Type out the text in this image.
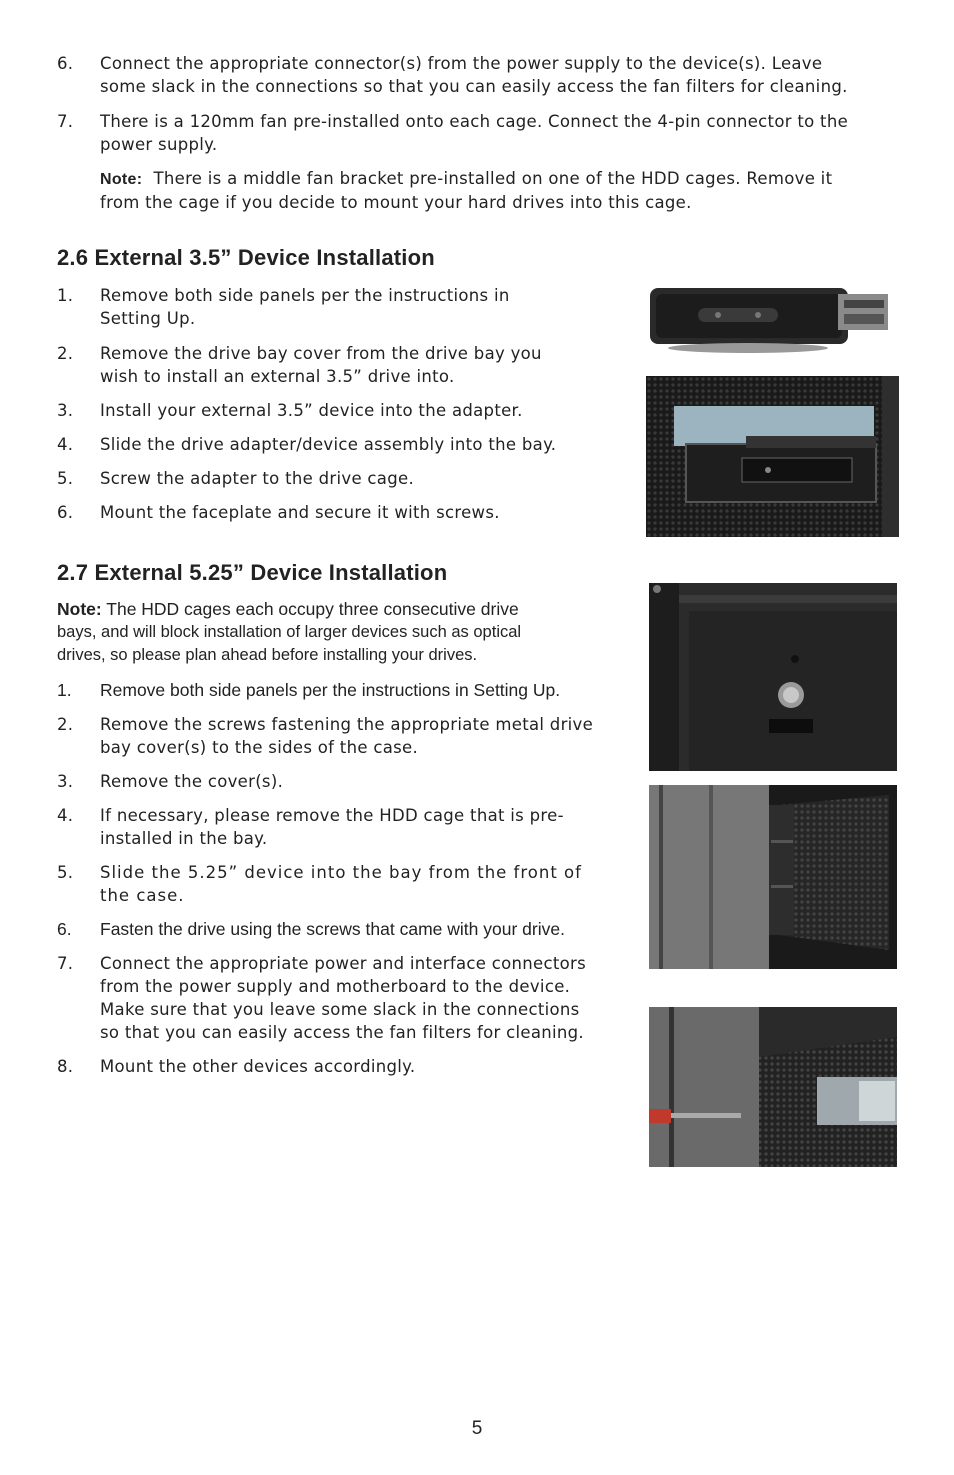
6.	Connect the appropriate connector(s) from the power supply to the device(s). Leave
some slack in the connections so that you can easily access the fan filters for cleaning.
7.	There is a 120mm fan pre-installed onto each cage. Connect the 4-pin connector to the
power supply.
Note: There is a middle fan bracket pre-installed on one of the HDD cages. Remove it
from the cage if you decide to mount your hard drives into this cage.
2.6 External 3.5” Device Installation
1.	Remove both side panels per the instructions in
Setting Up.
2.	Remove the drive bay cover from the drive bay you
wish to install an external 3.5” drive into.
3.	Install your external 3.5” device into the adapter.
4.	Slide the drive adapter/device assembly into the bay.
5.	Screw the adapter to the drive cage.
6.	Mount the faceplate and secure it with screws.
2.7 External 5.25” Device Installation
Note: The HDD cages each occupy three consecutive drive
bays, and will block installation of larger devices such as optical
drives, so please plan ahead before installing your drives.
1.	Remove both side panels per the instructions in Setting Up.
2.	Remove the screws fastening the appropriate metal drive
bay cover(s) to the sides of the case.
3.	Remove the cover(s).
4.	If necessary, please remove the HDD cage that is pre-
installed in the bay.
5.	Slide the 5.25” device into the bay from the front of
the case.
6.	Fasten the drive using the screws that came with your drive.
7.	Connect the appropriate power and interface connectors
from the power supply and motherboard to the device.
Make sure that you leave some slack in the connections
so that you can easily access the fan filters for cleaning.
8.	Mount the other devices accordingly.
5
